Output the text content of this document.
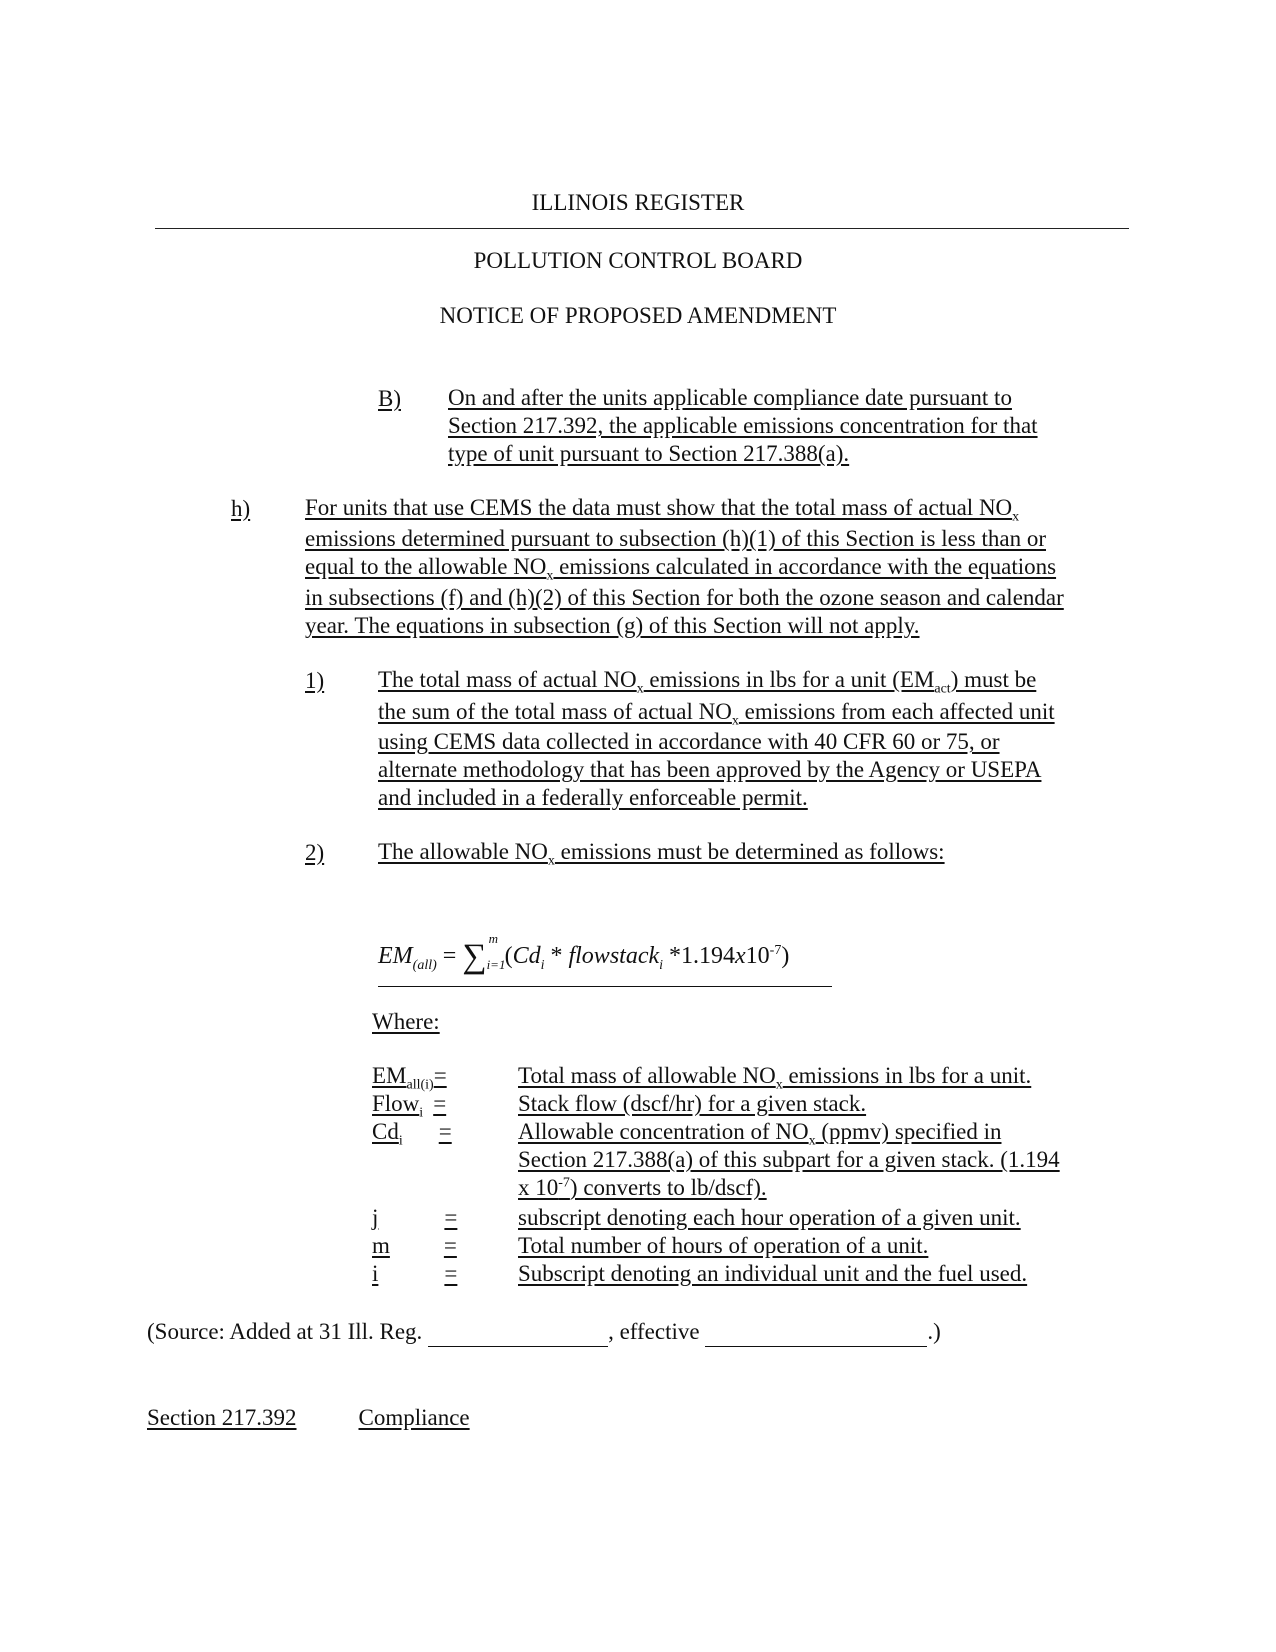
ILLINOIS REGISTER
POLLUTION CONTROL BOARD
NOTICE OF PROPOSED AMENDMENT
B)	On and after the units applicable compliance date pursuant to
Section 217.392, the applicable emissions concentration for that
type of unit pursuant to Section 217.388(a).
h)	For units that use CEMS the data must show that the total mass of actual $NO_x$
emissions determined pursuant to subsection (h)(1) of this Section is less than or
equal to the allowable $NO_x$ emissions calculated in accordance with the equations
in subsections (f) and (h)(2) of this Section for both the ozone season and calendar
year. The equations in subsection (g) of this Section will not apply.
1)	The total mass of actual $NO_x$ emissions in lbs for a unit $(EM_{act})$ must be
the sum of the total mass of actual $NO_x$ emissions from each affected unit
using CEMS data collected in accordance with 40 CFR 60 or 75, or
alternate methodology that has been approved by the Agency or USEPA
and included in a federally enforceable permit.
2)	The allowable $NO_x$ emissions must be determined as follows:
$EM_{(all)}$ = ∑ m
i=1 ($Cd_i$ * flowstack$_i$ $*1.194x10^{-7}$)
Where:
$EM_{all(i)}=$	Total mass of allowable $NO_x$ emissions in lbs for a unit.
Flow$_i$ =	Stack flow (dscf/hr) for a given stack.
$Cd_i$ =	Allowable concentration of $NO_x$ (ppmv) specified in
Section 217.388(a) of this subpart for a given stack. (1.194
x $10^{-7}$) converts to lb/dscf).
j	=	subscript denoting each hour operation of a given unit.
m =	Total number of hours of operation of a unit.
i	=	Subscript denoting an individual unit and the fuel used.
(Source: Added at 31 Ill. Reg.	, effective	.)
Section 217.392	Compliance
